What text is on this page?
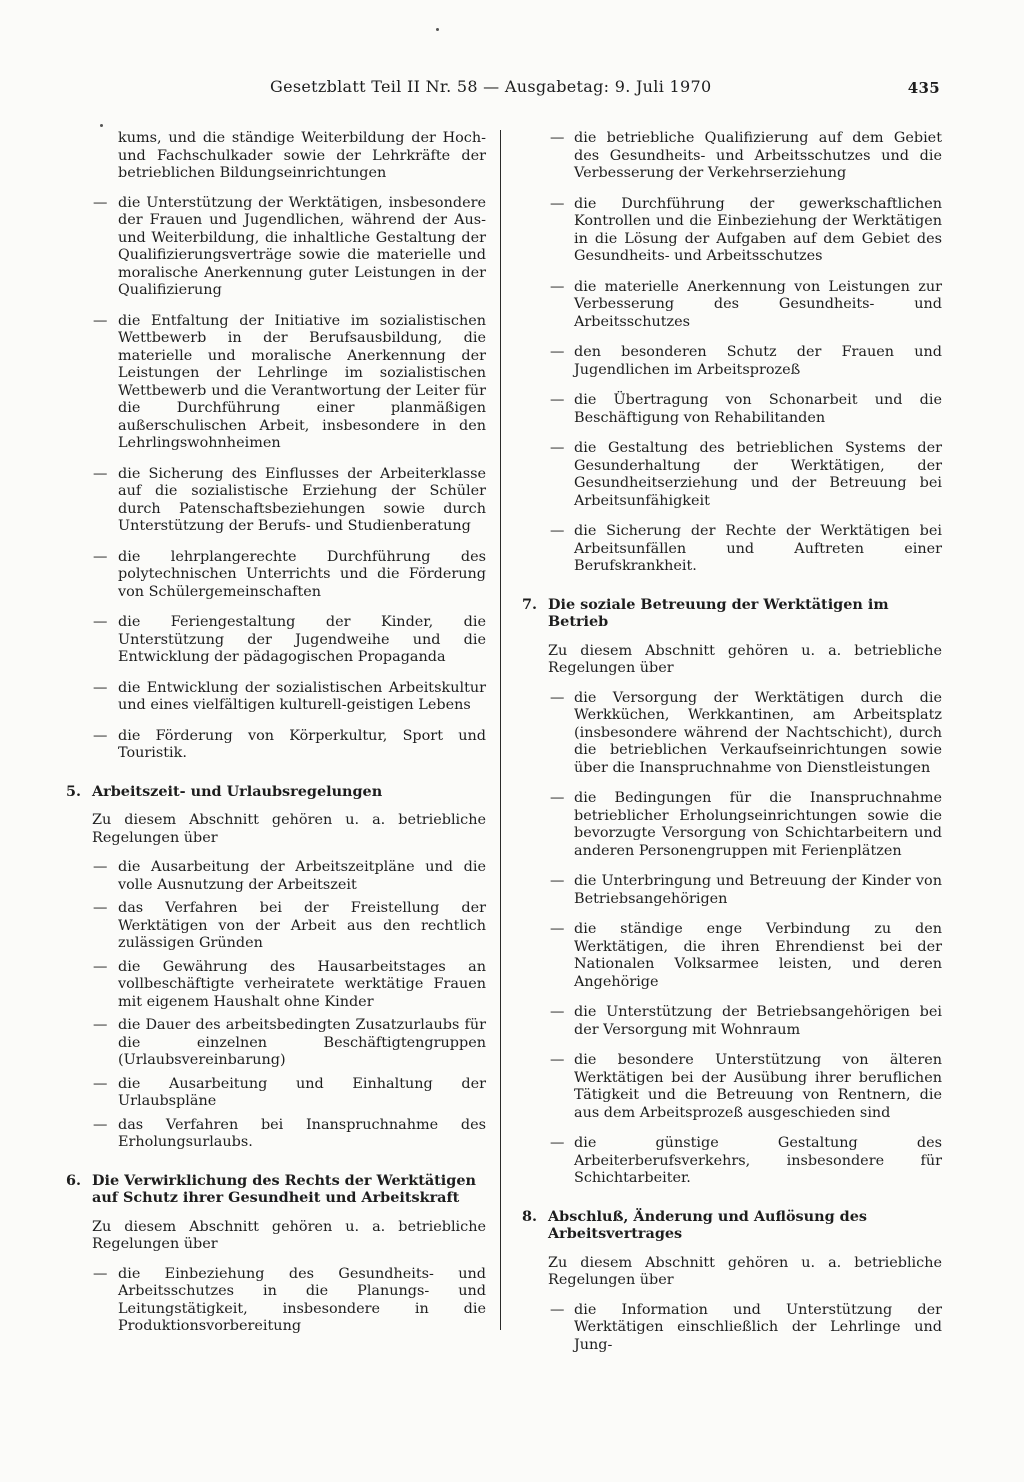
Gesetzblatt Teil II Nr. 58 — Ausgabetag: 9. Juli 1970	435
kums, und die ständige Weiterbildung der Hoch- und Fachschulkader sowie der Lehrkräfte der betrieblichen Bildungseinrichtungen
— die Unterstützung der Werktätigen, insbesondere der Frauen und Jugendlichen, während der Aus- und Weiterbildung, die inhaltliche Gestaltung der Qualifizierungsverträge sowie die materielle und moralische Anerkennung guter Leistungen in der Qualifizierung
— die Entfaltung der Initiative im sozialistischen Wettbewerb in der Berufsausbildung, die materielle und moralische Anerkennung der Leistungen der Lehrlinge im sozialistischen Wettbewerb und die Verantwortung der Leiter für die Durchführung einer planmäßigen außerschulischen Arbeit, insbesondere in den Lehrlingswohnheimen
— die Sicherung des Einflusses der Arbeiterklasse auf die sozialistische Erziehung der Schüler durch Patenschaftsbeziehungen sowie durch Unterstützung der Berufs- und Studienberatung
— die lehrplangerechte Durchführung des polytechnischen Unterrichts und die Förderung von Schülergemeinschaften
— die Feriengestaltung der Kinder, die Unterstützung der Jugendweihe und die Entwicklung der pädagogischen Propaganda
— die Entwicklung der sozialistischen Arbeitskultur und eines vielfältigen kulturell-geistigen Lebens
— die Förderung von Körperkultur, Sport und Touristik.
5. Arbeitszeit- und Urlaubsregelungen
Zu diesem Abschnitt gehören u. a. betriebliche Regelungen über
— die Ausarbeitung der Arbeitszeitpläne und die volle Ausnutzung der Arbeitszeit
— das Verfahren bei der Freistellung der Werktätigen von der Arbeit aus den rechtlich zulässigen Gründen
— die Gewährung des Hausarbeitstages an vollbeschäftigte verheiratete werktätige Frauen mit eigenem Haushalt ohne Kinder
— die Dauer des arbeitsbedingten Zusatzurlaubs für die einzelnen Beschäftigtengruppen (Urlaubsvereinbarung)
— die Ausarbeitung und Einhaltung der Urlaubspläne
— das Verfahren bei Inanspruchnahme des Erholungsurlaubs.
6. Die Verwirklichung des Rechts der Werktätigen auf Schutz ihrer Gesundheit und Arbeitskraft
Zu diesem Abschnitt gehören u. a. betriebliche Regelungen über
— die Einbeziehung des Gesundheits- und Arbeitsschutzes in die Planungs- und Leitungstätigkeit, insbesondere in die Produktionsvorbereitung
— die betriebliche Qualifizierung auf dem Gebiet des Gesundheits- und Arbeitsschutzes und die Verbesserung der Verkehrserziehung
— die Durchführung der gewerkschaftlichen Kontrollen und die Einbeziehung der Werktätigen in die Lösung der Aufgaben auf dem Gebiet des Gesundheits- und Arbeitsschutzes
— die materielle Anerkennung von Leistungen zur Verbesserung des Gesundheits- und Arbeitsschutzes
— den besonderen Schutz der Frauen und Jugendlichen im Arbeitsprozeß
— die Übertragung von Schonarbeit und die Beschäftigung von Rehabilitanden
— die Gestaltung des betrieblichen Systems der Gesunderhaltung der Werktätigen, der Gesundheitserziehung und der Betreuung bei Arbeitsunfähigkeit
— die Sicherung der Rechte der Werktätigen bei Arbeitsunfällen und Auftreten einer Berufskrankheit.
7. Die soziale Betreuung der Werktätigen im Betrieb
Zu diesem Abschnitt gehören u. a. betriebliche Regelungen über
— die Versorgung der Werktätigen durch die Werkküchen, Werkkantinen, am Arbeitsplatz (insbesondere während der Nachtschicht), durch die betrieblichen Verkaufseinrichtungen sowie über die Inanspruchnahme von Dienstleistungen
— die Bedingungen für die Inanspruchnahme betrieblicher Erholungseinrichtungen sowie die bevorzugte Versorgung von Schichtarbeitern und anderen Personengruppen mit Ferienplätzen
— die Unterbringung und Betreuung der Kinder von Betriebsangehörigen
— die ständige enge Verbindung zu den Werktätigen, die ihren Ehrendienst bei der Nationalen Volksarmee leisten, und deren Angehörige
— die Unterstützung der Betriebsangehörigen bei der Versorgung mit Wohnraum
— die besondere Unterstützung von älteren Werktätigen bei der Ausübung ihrer beruflichen Tätigkeit und die Betreuung von Rentnern, die aus dem Arbeitsprozeß ausgeschieden sind
— die günstige Gestaltung des Arbeiterberufsverkehrs, insbesondere für Schichtarbeiter.
8. Abschluß, Änderung und Auflösung des Arbeitsvertrages
Zu diesem Abschnitt gehören u. a. betriebliche Regelungen über
— die Information und Unterstützung der Werktätigen einschließlich der Lehrlinge und Jung-
